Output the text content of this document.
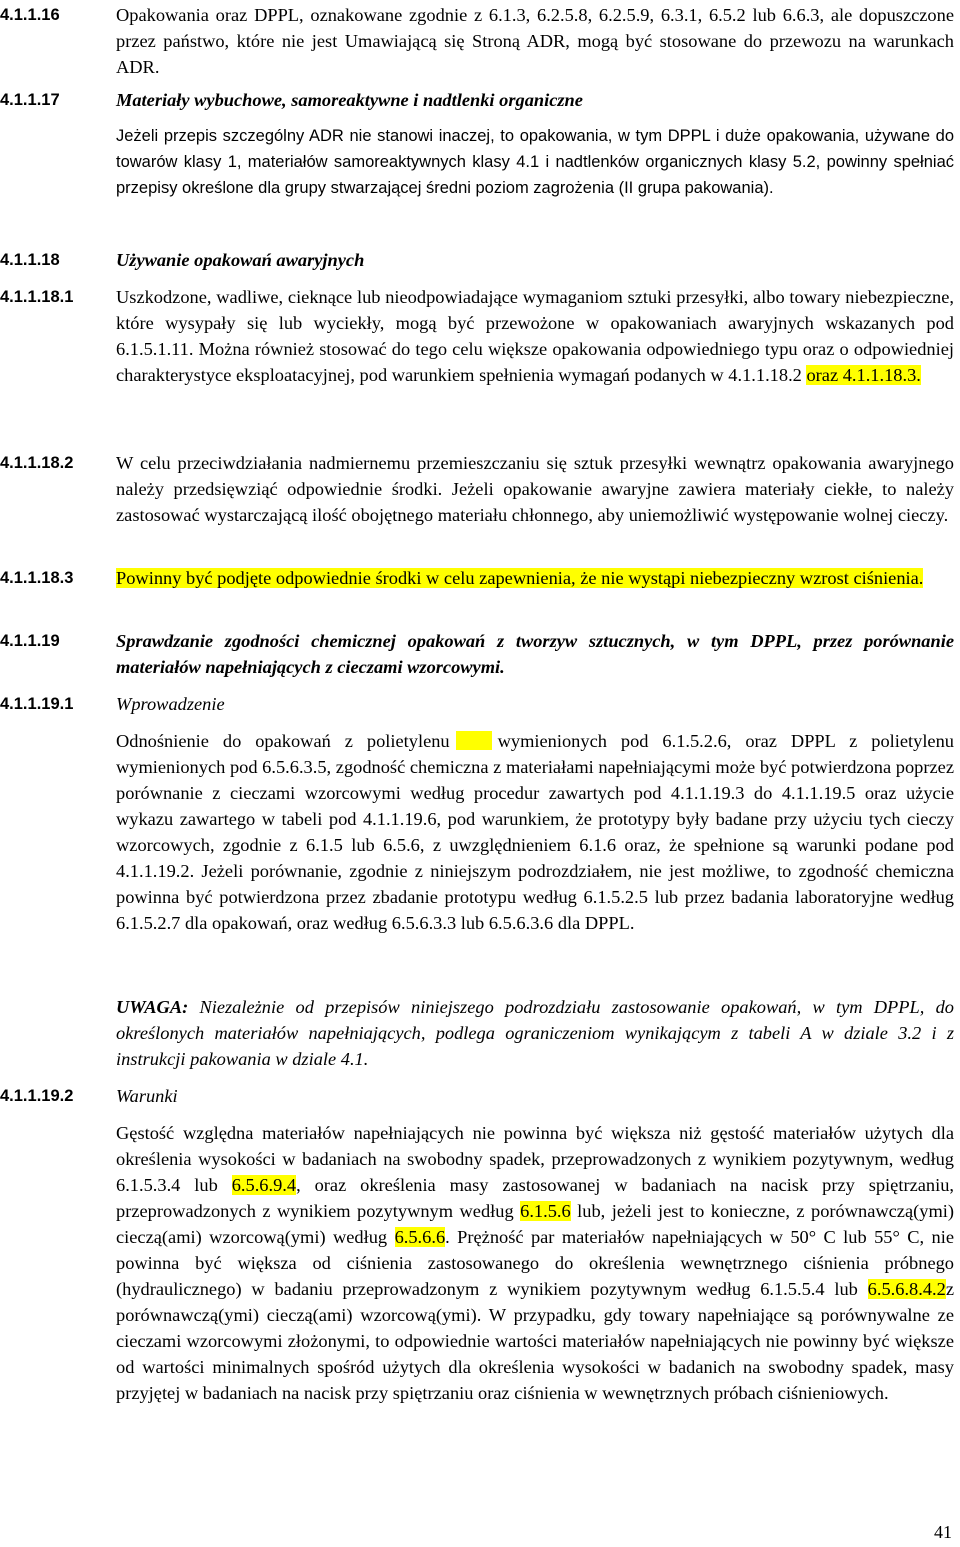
4.1.1.16	Opakowania oraz DPPL, oznakowane zgodnie z 6.1.3, 6.2.5.8, 6.2.5.9, 6.3.1, 6.5.2 lub 6.6.3, ale dopuszczone przez państwo, które nie jest Umawiającą się Stroną ADR, mogą być stosowane do przewozu na warunkach ADR.

4.1.1.17	Materiały wybuchowe, samoreaktywne i nadtlenki organiczne

Jeżeli przepis szczególny ADR nie stanowi inaczej, to opakowania, w tym DPPL i duże opakowania, używane do towarów klasy 1, materiałów samoreaktywnych klasy 4.1 i nadtlenków organicznych klasy 5.2, powinny spełniać przepisy określone dla grupy stwarzającej średni poziom zagrożenia (II grupa pakowania).

4.1.1.18	Używanie opakowań awaryjnych

4.1.1.18.1 Uszkodzone, wadliwe, cieknące lub nieodpowiadające wymaganiom sztuki przesyłki, albo towary niebezpieczne, które wysypały się lub wyciekły, mogą być przewożone w opakowaniach awaryjnych wskazanych pod 6.1.5.1.11. Można również stosować do tego celu większe opakowania odpowiedniego typu oraz o odpowiedniej charakterystyce eksploatacyjnej, pod warunkiem spełnienia wymagań podanych w 4.1.1.18.2 oraz 4.1.1.18.3.

4.1.1.18.2 W celu przeciwdziałania nadmiernemu przemieszczaniu się sztuk przesyłki wewnątrz opakowania awaryjnego należy przedsięwziąć odpowiednie środki. Jeżeli opakowanie awaryjne zawiera materiały ciekłe, to należy zastosować wystarczającą ilość obojętnego materiału chłonnego, aby uniemożliwić występowanie wolnej cieczy.

4.1.1.18.3 Powinny być podjęte odpowiednie środki w celu zapewnienia, że nie wystąpi niebezpieczny wzrost ciśnienia.

4.1.1.19	Sprawdzanie zgodności chemicznej opakowań z tworzyw sztucznych, w tym DPPL, przez porównanie materiałów napełniających z cieczami wzorcowymi.

4.1.1.19.1 Wprowadzenie

Odnośnienie do opakowań z polietylenu	wymienionych pod 6.1.5.2.6, oraz DPPL z polietylenu wymienionych pod 6.5.6.3.5, zgodność chemiczna z materiałami napełniającymi może być potwierdzona poprzez porównanie z cieczami wzorcowymi według procedur zawartych pod 4.1.1.19.3 do 4.1.1.19.5 oraz użycie wykazu zawartego w tabeli pod 4.1.1.19.6, pod warunkiem, że prototypy były badane przy użyciu tych cieczy wzorcowych, zgodnie z 6.1.5 lub 6.5.6, z uwzględnieniem 6.1.6 oraz, że spełnione są warunki podane pod 4.1.1.19.2. Jeżeli porównanie, zgodnie z niniejszym podrozdziałem, nie jest możliwe, to zgodność chemiczna powinna być potwierdzona przez zbadanie prototypu według 6.1.5.2.5 lub przez badania laboratoryjne według 6.1.5.2.7 dla opakowań, oraz według 6.5.6.3.3 lub 6.5.6.3.6 dla DPPL.

UWAGA: Niezależnie od przepisów niniejszego podrozdziału zastosowanie opakowań, w tym DPPL, do określonych materiałów napełniających, podlega ograniczeniom wynikającym z tabeli A w dziale 3.2 i z instrukcji pakowania w dziale 4.1.

4.1.1.19.2 Warunki

Gęstość względna materiałów napełniających nie powinna być większa niż gęstość materiałów użytych dla określenia wysokości w badaniach na swobodny spadek, przeprowadzonych z wynikiem pozytywnym, według 6.1.5.3.4 lub 6.5.6.9.4, oraz określenia masy zastosowanej w badaniach na nacisk przy spiętrzaniu, przeprowadzonych z wynikiem pozytywnym według 6.1.5.6 lub, jeżeli jest to konieczne, z porównawczą(ymi) cieczą(ami) wzorcową(ymi) według 6.5.6.6. Prężność par materiałów napełniających w 50° C lub 55° C, nie powinna być większa od ciśnienia zastosowanego do określenia wewnętrznego ciśnienia próbnego (hydraulicznego) w badaniu przeprowadzonym z wynikiem pozytywnym według 6.1.5.5.4 lub 6.5.6.8.4.2z porównawczą(ymi) cieczą(ami) wzorcową(ymi). W przypadku, gdy towary napełniające są porównywalne ze cieczami wzorcowymi złożonymi, to odpowiednie wartości materiałów napełniających nie powinny być większe od wartości minimalnych spośród użytych dla określenia wysokości w badanich na swobodny spadek, masy przyjętej w badaniach na nacisk przy spiętrzaniu oraz ciśnienia w wewnętrznych próbach ciśnieniowych.

41
